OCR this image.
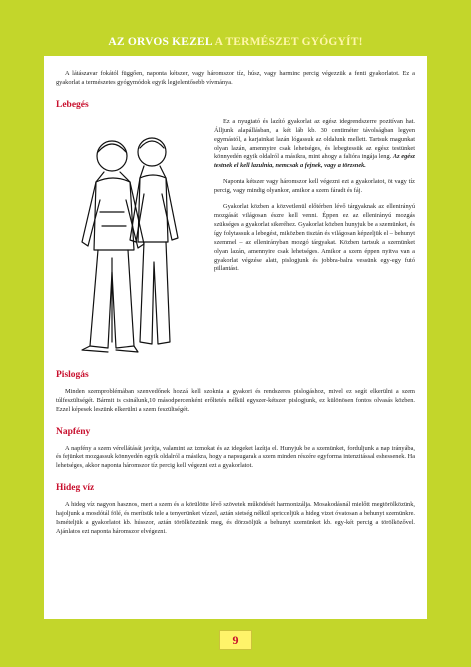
AZ ORVOS KEZEL A TERMÉSZET GYÓGYÍT!

A látászavar fokától függően, naponta kétszer, vagy háromszor tíz, húsz, vagy harminc percig végezzük a fenti gyakorlatot. Ez a gyakorlat a természetes gyógymódok egyik legjelentősebb vívmánya.

Lebegés

Ez a nyugtató és lazító gyakorlat az egész idegrendszerre pozitívan hat. Álljunk alapállásban, a két láb kb. 30 centiméter távolságban legyen egymástól, a karjainkat lazán lógassuk az oldalunk mellett. Tartsuk magunkat olyan lazán, amennyire csak lehetséges, és lebegtessük az egész testünket könnyedén egyik oldalról a másikra, mint ahogy a falióra ingája leng. Az egész testnek el kell lazulnia, nemcsak a fejnek, vagy a törzsnek.

Naponta kétszer vagy háromszor kell végezni ezt a gyakorlatot, öt vagy tíz percig, vagy mindig olyankor, amikor a szem fáradt és fáj.

Gyakorlat közben a közvetlenül előtérben lévő tárgyaknak az ellenirányú mozgását világosan észre kell venni. Éppen ez az ellenirányú mozgás szükséges a gyakorlat sikeréhez. Gyakorlat közben hunyjuk be a szemünket, és így folytassuk a lebegést, miközben tisztán és világosan képzeljük el – behunyt szemmel – az ellenirányban mozgó tárgyakat. Közben tartsuk a szemünket olyan lazán, amennyire csak lehetséges. Amikor a szem éppen nyitva van a gyakorlat végzése alatt, pislogjunk és jobbra-balra vessünk egy-egy futó pillantást.

Pislogás

Minden szemproblémában szenvedőnek hozzá kell szoknia a gyakori és rendszeres pislogáshoz, mivel ez segít elkerülni a szem túlfeszültségét. Bármit is csinálunk,10 másodpercenként erőltetés nélkül egyszer-kétszer pislogjunk, ez különösen fontos olvasás közben. Ezzel képesek leszünk elkerülni a szem feszültségét.

Napfény

A napfény a szem vérellátását javítja, valamint az izmokat és az idegeket lazítja el. Hunyjuk be a szemünket, forduljunk a nap irányába, és fejünket mozgassuk könnyedén egyik oldalról a másikra, hogy a napsugarak a szem minden részére egyforma intenzitással eshessenek. Ha lehetséges, akkor naponta háromszor tíz percig kell végezni ezt a gyakorlatot.

Hideg víz

A hideg víz nagyon hasznos, mert a szem és a körülötte lévő szövetek működését harmonizálja. Mosakodásnál mielőtt megtörölközünk, hajoljunk a mosdótál fölé, és merítsük tele a tenyerünket vízzel, aztán sietség nélkül spricceljük a hideg vizet óvatosan a behunyt szemünkre. Ismételjük a gyakorlatot kb. hússzor, aztán törölközzünk meg, és dörzsöljük a behunyt szemünket kb. egy-két percig a törölközővel. Ajánlatos ezt naponta háromszor elvégezni.

9
